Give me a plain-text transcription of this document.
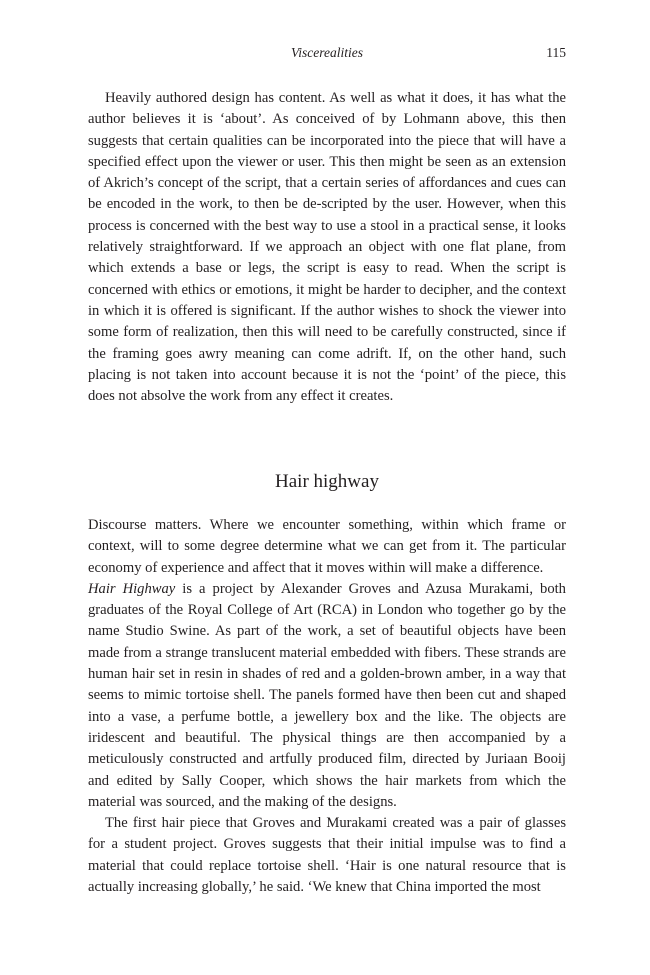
Viscerealities	115

Heavily authored design has content. As well as what it does, it has what the author believes it is ‘about’. As conceived of by Lohmann above, this then suggests that certain qualities can be incorporated into the piece that will have a specified effect upon the viewer or user. This then might be seen as an extension of Akrich’s concept of the script, that a certain series of affordances and cues can be encoded in the work, to then be de-scripted by the user. However, when this process is concerned with the best way to use a stool in a practical sense, it looks relatively straightforward. If we approach an object with one flat plane, from which extends a base or legs, the script is easy to read. When the script is concerned with ethics or emotions, it might be harder to decipher, and the context in which it is offered is significant. If the author wishes to shock the viewer into some form of realization, then this will need to be carefully constructed, since if the framing goes awry meaning can come adrift. If, on the other hand, such placing is not taken into account because it is not the ‘point’ of the piece, this does not absolve the work from any effect it creates.

Hair highway

Discourse matters. Where we encounter something, within which frame or context, will to some degree determine what we can get from it. The particular economy of experience and affect that it moves within will make a difference.
Hair Highway is a project by Alexander Groves and Azusa Murakami, both graduates of the Royal College of Art (RCA) in London who together go by the name Studio Swine. As part of the work, a set of beautiful objects have been made from a strange translucent material embedded with fibers. These strands are human hair set in resin in shades of red and a golden-brown amber, in a way that seems to mimic tortoise shell. The panels formed have then been cut and shaped into a vase, a perfume bottle, a jewellery box and the like. The objects are iridescent and beautiful. The physical things are then accompanied by a meticulously constructed and artfully produced film, directed by Juriaan Booij and edited by Sally Cooper, which shows the hair markets from which the material was sourced, and the making of the designs.

The first hair piece that Groves and Murakami created was a pair of glasses for a student project. Groves suggests that their initial impulse was to find a material that could replace tortoise shell. ‘Hair is one natural resource that is actually increasing globally,’ he said. ‘We knew that China imported the most
